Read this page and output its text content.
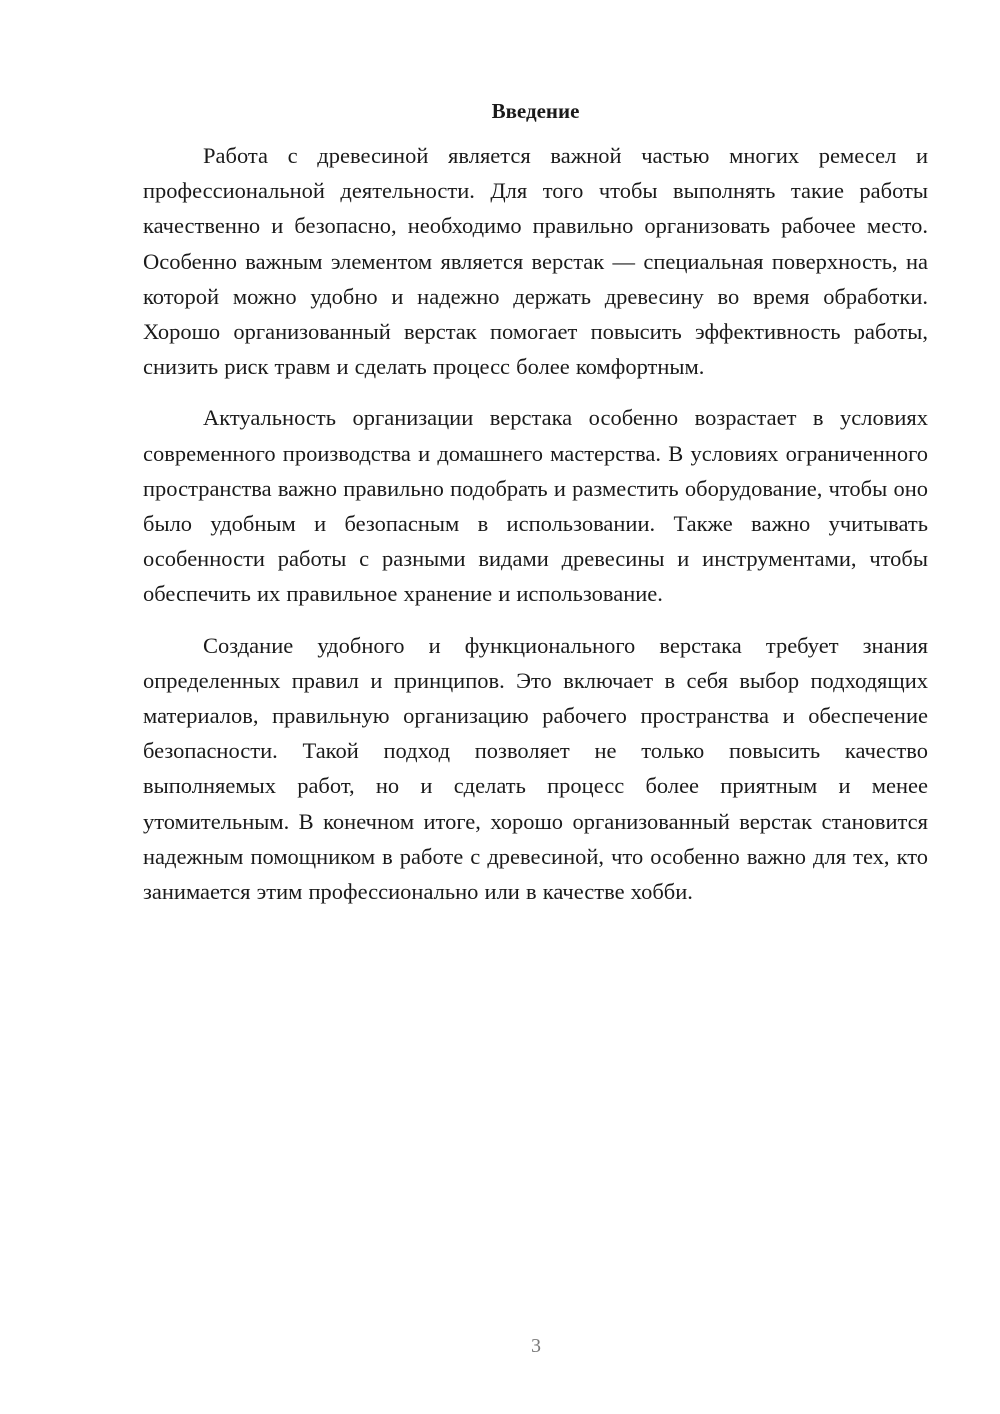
Введение

Работа с древесиной является важной частью многих ремесел и профессиональной деятельности. Для того чтобы выполнять такие работы качественно и безопасно, необходимо правильно организовать рабочее место. Особенно важным элементом является верстак — специальная поверхность, на которой можно удобно и надежно держать древесину во время обработки. Хорошо организованный верстак помогает повысить эффективность работы, снизить риск травм и сделать процесс более комфортным.

Актуальность организации верстака особенно возрастает в условиях современного производства и домашнего мастерства. В условиях ограниченного пространства важно правильно подобрать и разместить оборудование, чтобы оно было удобным и безопасным в использовании. Также важно учитывать особенности работы с разными видами древесины и инструментами, чтобы обеспечить их правильное хранение и использование.

Создание удобного и функционального верстака требует знания определенных правил и принципов. Это включает в себя выбор подходящих материалов, правильную организацию рабочего пространства и обеспечение безопасности. Такой подход позволяет не только повысить качество выполняемых работ, но и сделать процесс более приятным и менее утомительным. В конечном итоге, хорошо организованный верстак становится надежным помощником в работе с древесиной, что особенно важно для тех, кто занимается этим профессионально или в качестве хобби.

3
